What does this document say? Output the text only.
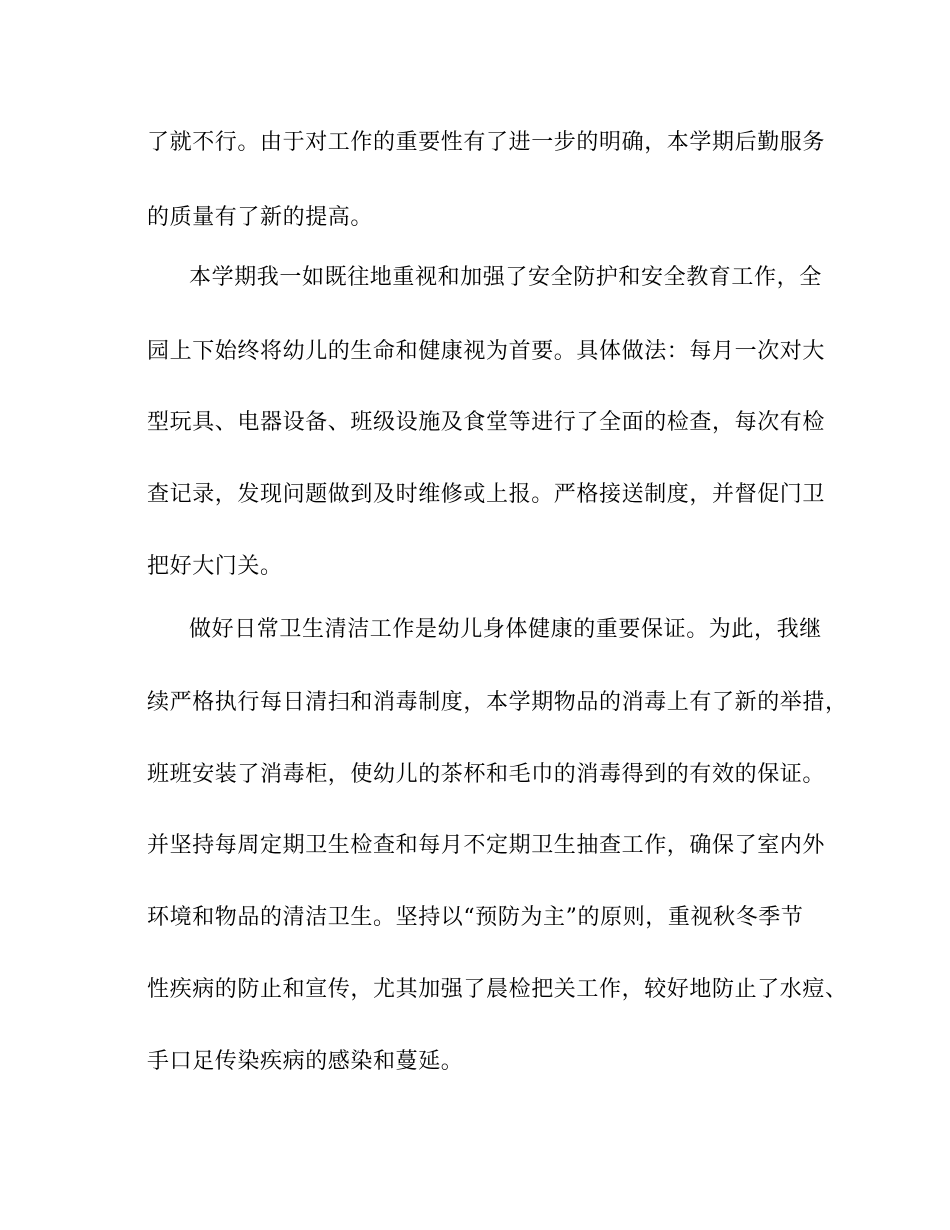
了就不行。由于对工作的重要性有了进一步的明确，本学期后勤服务
的质量有了新的提高。
本学期我一如既往地重视和加强了安全防护和安全教育工作，全
园上下始终将幼儿的生命和健康视为首要。具体做法：每月一次对大
型玩具、电器设备、班级设施及食堂等进行了全面的检查，每次有检
查记录，发现问题做到及时维修或上报。严格接送制度，并督促门卫
把好大门关。
做好日常卫生清洁工作是幼儿身体健康的重要保证。为此，我继
续严格执行每日清扫和消毒制度，本学期物品的消毒上有了新的举措，
班班安装了消毒柜，使幼儿的茶杯和毛巾的消毒得到的有效的保证。
并坚持每周定期卫生检查和每月不定期卫生抽查工作，确保了室内外
环境和物品的清洁卫生。坚持以“预防为主”的原则，重视秋冬季节
性疾病的防止和宣传，尤其加强了晨检把关工作，较好地防止了水痘、
手口足传染疾病的感染和蔓延。
